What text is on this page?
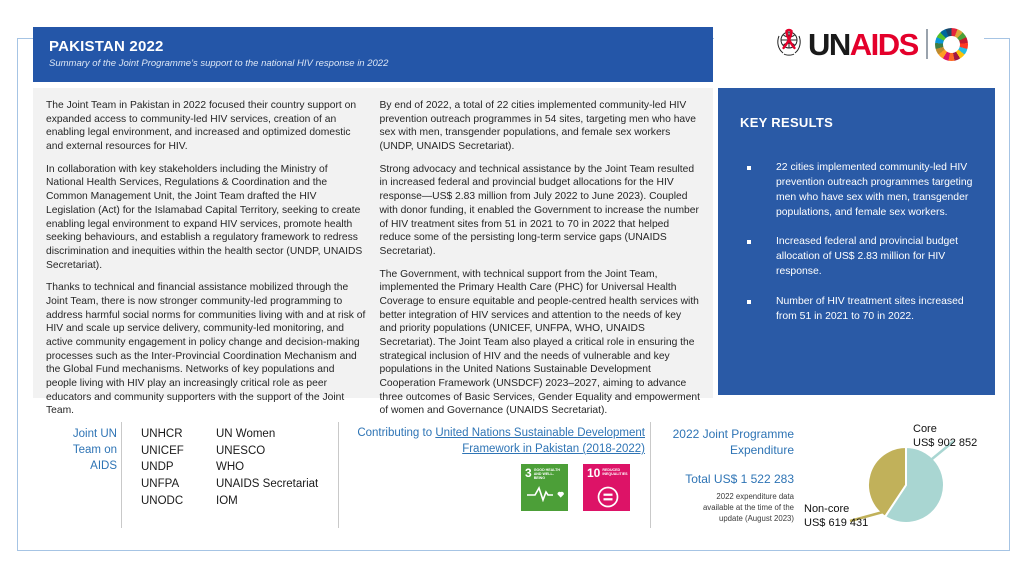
PAKISTAN 2022
Summary of the Joint Programme’s support to the national HIV response in 2022
UNAIDS

The Joint Team in Pakistan in 2022 focused their country support on expanded access to community-led HIV services, creation of an enabling legal environment, and increased and optimized domestic and external resources for HIV.

In collaboration with key stakeholders including the Ministry of National Health Services, Regulations & Coordination and the Common Management Unit, the Joint Team drafted the HIV Legislation (Act) for the Islamabad Capital Territory, seeking to create enabling legal environment to expand HIV services, promote health seeking behaviours, and establish a regulatory framework to redress discrimination and inequities within the health sector (UNDP, UNAIDS Secretariat).

Thanks to technical and financial assistance mobilized through the Joint Team, there is now stronger community-led programming to address harmful social norms for communities living with and at risk of HIV and scale up service delivery, community-led monitoring, and active community engagement in policy change and decision-making processes such as the Inter-Provincial Coordination Mechanism and the Global Fund mechanisms. Networks of key populations and people living with HIV play an increasingly critical role as peer educators and community supporters with the support of the Joint Team.

By end of 2022, a total of 22 cities implemented community-led HIV prevention outreach programmes in 54 sites, targeting men who have sex with men, transgender populations, and female sex workers (UNDP, UNAIDS Secretariat).

Strong advocacy and technical assistance by the Joint Team resulted in increased federal and provincial budget allocations for the HIV response—US$ 2.83 million from July 2022 to June 2023). Coupled with donor funding, it enabled the Government to increase the number of HIV treatment sites from 51 in 2021 to 70 in 2022 that helped reduce some of the persisting long-term service gaps (UNAIDS Secretariat).

The Government, with technical support from the Joint Team, implemented the Primary Health Care (PHC) for Universal Health Coverage to ensure equitable and people-centred health services with better integration of HIV services and attention to the needs of key and priority populations (UNICEF, UNFPA, WHO, UNAIDS Secretariat). The Joint Team also played a critical role in ensuring the strategical inclusion of HIV and the needs of vulnerable and key populations in the United Nations Sustainable Development Cooperation Framework (UNSDCF) 2023–2027, aiming to advance three outcomes of Basic Services, Gender Equality and empowerment of women and Governance (UNAIDS Secretariat).

KEY RESULTS
22 cities implemented community-led HIV prevention outreach programmes targeting men who have sex with men, transgender populations, and female sex workers.
Increased federal and provincial budget allocation of US$ 2.83 million for HIV response.
Number of HIV treatment sites increased from 51 in 2021 to 70 in 2022.
Joint UN Team on AIDS
UNHCR
UNICEF
UNDP
UNFPA
UNODC
UN Women
UNESCO
WHO
UNAIDS Secretariat
IOM
Contributing to United Nations Sustainable Development Framework in Pakistan (2018-2022)
3 GOOD HEALTH AND WELL-BEING	10 REDUCED INEQUALITIES
2022 Joint Programme Expenditure
Total US$ 1 522 283
2022 expenditure data available at the time of the update (August 2023)
Core
US$ 902 852
Non-core
US$ 619 431
